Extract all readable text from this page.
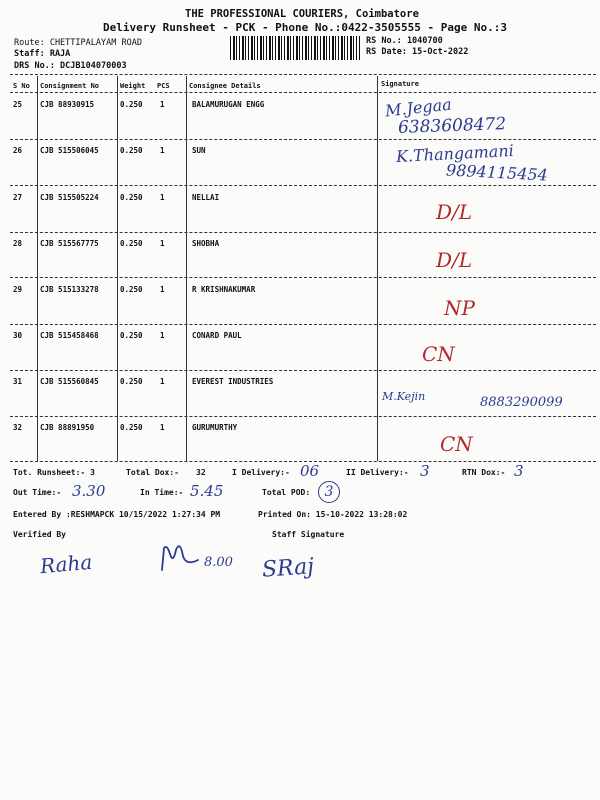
THE PROFESSIONAL COURIERS, Coimbatore
Delivery Runsheet - PCK - Phone No.:0422-3505555 - Page No.:3
Route: CHETTIPALAYAM ROAD
Staff: RAJA
DRS No.: DCJB104070003
RS No.: 1040700
RS Date: 15-Oct-2022
S No Consignment No	Weight PCS	Consignee Details	Signature
25 CJB 88930915	0.250 1	BALAMURUGAN ENGG	M.Jegaa
6383608472
26 CJB 515506045	0.250 1	SUN	K.Thangamani
9894115454
27 CJB 515505224	0.250 1	NELLAI
D/L
28 CJB 515567775	0.250 1	SHOBHA
D/L
29 CJB 515133278	0.250 1	R KRISHNAKUMAR
NP
30 CJB 515458468	0.250 1	CONARD PAUL
CN
31 CJB 515560845	0.250 1	EVEREST INDUSTRIES
M.Kejin	8883290099
32 CJB 88891950	0.250 1	GURUMURTHY
CN
Tot. Runsheet:- 3	Total Dox:- 32	I Delivery:- 06	II Delivery:- 3	RTN Dox:- 3
Out Time:- 3.30	In Time:- 5.45	Total POD:	3
Entered By :RESHMAPCK 10/15/2022 1:27:34 PM	Printed On: 15-10-2022 13:28:02
Verified By	Staff Signature
Raha	8.00 SRaj
